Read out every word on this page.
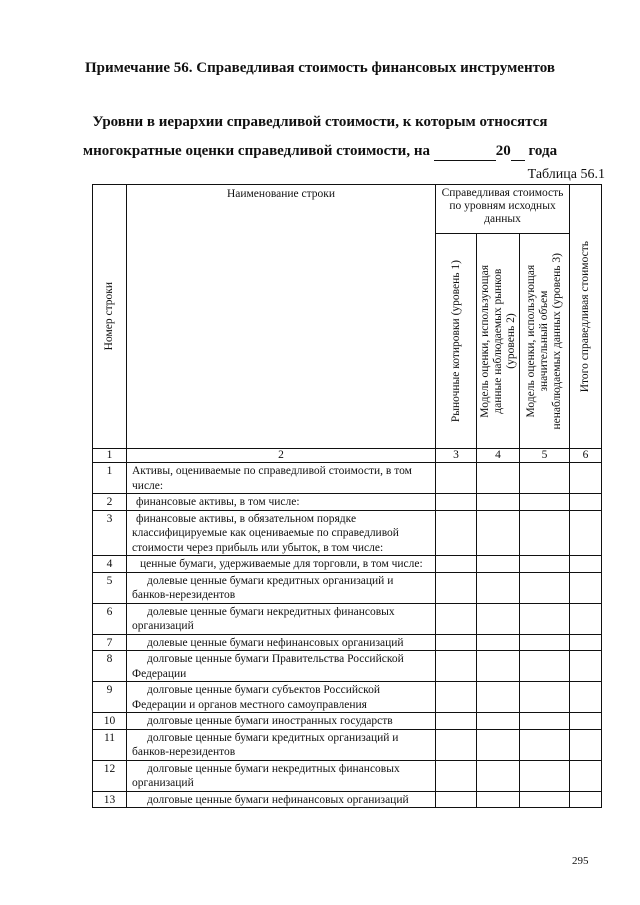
Примечание 56. Справедливая стоимость финансовых инструментов
Уровни в иерархии справедливой стоимости, к которым относятся
многократные оценки справедливой стоимости, на	20 года
Таблица 56.1
Номер строки	Наименование строки	Справедливая стоимость по уровням исходных данных			Итого справедливая стоимость

		Рыночные котировки (уровень 1)	Модель оценки, использующая
данные наблюдаемых рынков
(уровень 2)	Модель оценки, использующая
значительный объем
ненаблюдаемых данных (уровень 3)	

1	2	3	4	5	6
1	Активы, оцениваемые по справедливой стоимости, в том числе:				
2	финансовые активы, в том числе:				
3	финансовые активы, в обязательном порядке классифицируемые как оцениваемые по справедливой стоимости через прибыль или убыток, в том числе:				
4	ценные бумаги, удерживаемые для торговли, в том числе:				
5	долевые ценные бумаги кредитных организаций и банков-нерезидентов				
6	долевые ценные бумаги некредитных финансовых организаций				
7	долевые ценные бумаги нефинансовых организаций				
8	долговые ценные бумаги Правительства Российской Федерации				
9	долговые ценные бумаги субъектов Российской Федерации и органов местного самоуправления				
10	долговые ценные бумаги иностранных государств				
11	долговые ценные бумаги кредитных организаций и банков-нерезидентов				
12	долговые ценные бумаги некредитных финансовых организаций				
13	долговые ценные бумаги нефинансовых организаций				
295
